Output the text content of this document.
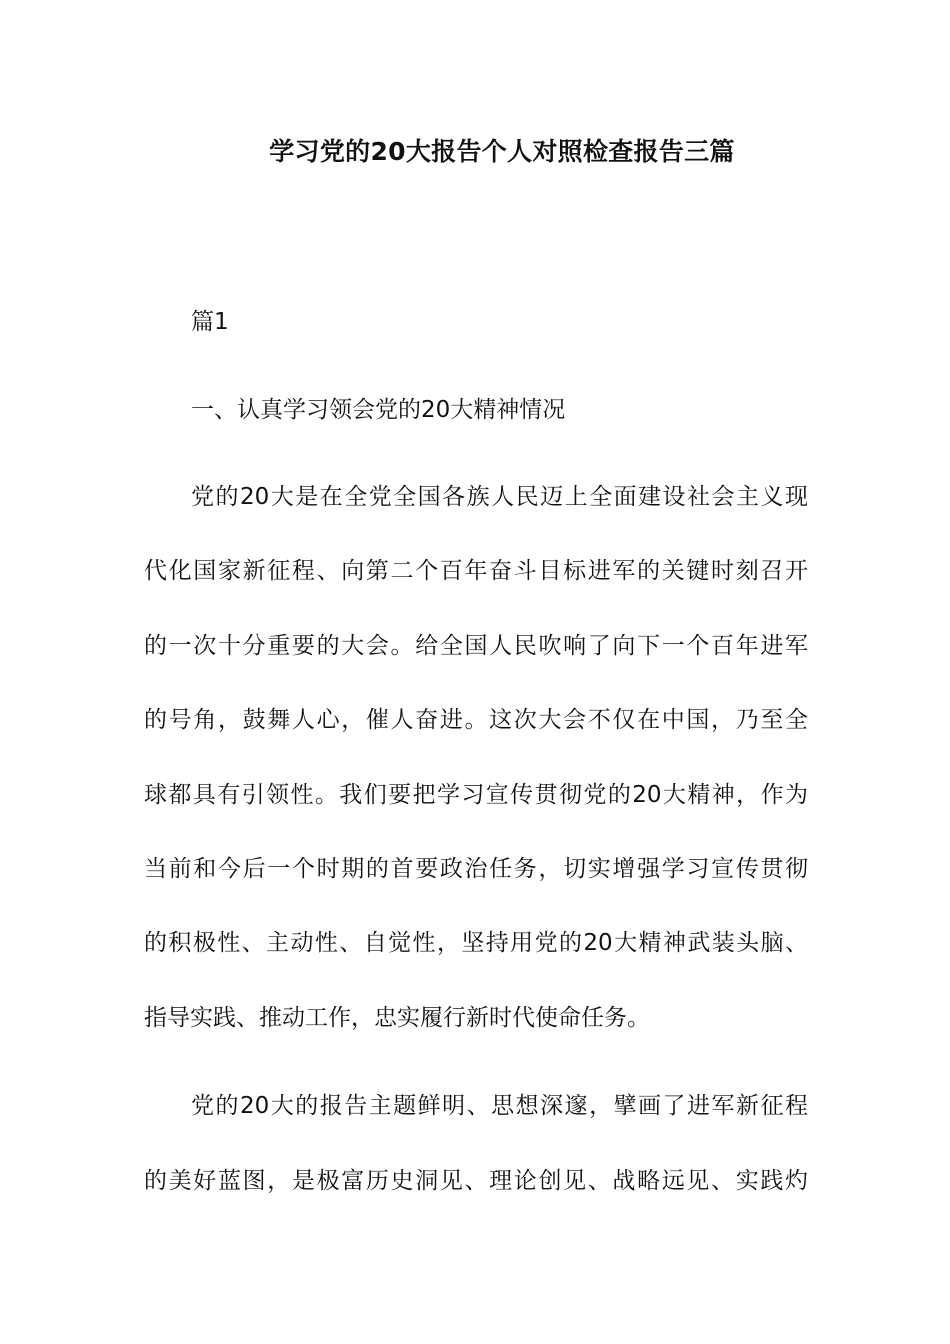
学习党的20大报告个人对照检查报告三篇
篇1
一、认真学习领会党的20大精神情况
党的20大是在全党全国各族人民迈上全面建设社会主义现
代化国家新征程、向第二个百年奋斗目标进军的关键时刻召开
的一次十分重要的大会。给全国人民吹响了向下一个百年进军
的号角，鼓舞人心，催人奋进。这次大会不仅在中国，乃至全
球都具有引领性。我们要把学习宣传贯彻党的20大精神，作为
当前和今后一个时期的首要政治任务，切实增强学习宣传贯彻
的积极性、主动性、自觉性，坚持用党的20大精神武装头脑、
指导实践、推动工作，忠实履行新时代使命任务。
党的20大的报告主题鲜明、思想深邃，擘画了进军新征程
的美好蓝图，是极富历史洞见、理论创见、战略远见、实践灼
